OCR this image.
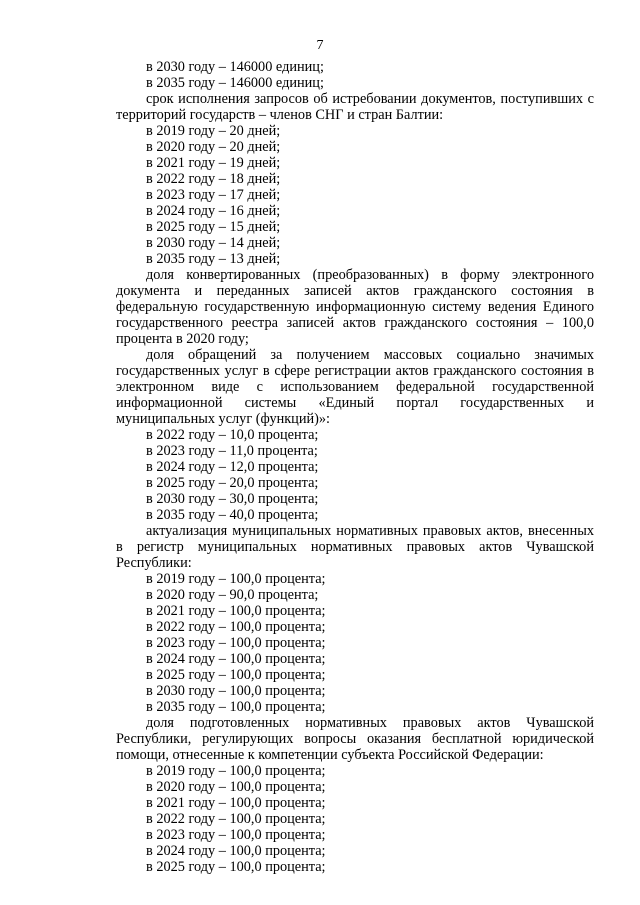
7
в 2030 году – 146000 единиц;
в 2035 году – 146000 единиц;
срок исполнения запросов об истребовании документов, поступивших с территорий государств – членов СНГ и стран Балтии:
в 2019 году – 20 дней;
в 2020 году – 20 дней;
в 2021 году – 19 дней;
в 2022 году – 18 дней;
в 2023 году – 17 дней;
в 2024 году – 16 дней;
в 2025 году – 15 дней;
в 2030 году – 14 дней;
в 2035 году – 13 дней;
доля конвертированных (преобразованных) в форму электронного документа и переданных записей актов гражданского состояния в федеральную государственную информационную систему ведения Единого государственного реестра записей актов гражданского состояния – 100,0 процента в 2020 году;
доля обращений за получением массовых социально значимых государственных услуг в сфере регистрации актов гражданского состояния в электронном виде с использованием федеральной государственной информационной системы «Единый портал государственных и муниципальных услуг (функций)»:
в 2022 году – 10,0 процента;
в 2023 году – 11,0 процента;
в 2024 году – 12,0 процента;
в 2025 году – 20,0 процента;
в 2030 году – 30,0 процента;
в 2035 году – 40,0 процента;
актуализация муниципальных нормативных правовых актов, внесенных в регистр муниципальных нормативных правовых актов Чувашской Республики:
в 2019 году – 100,0 процента;
в 2020 году – 90,0 процента;
в 2021 году – 100,0 процента;
в 2022 году – 100,0 процента;
в 2023 году – 100,0 процента;
в 2024 году – 100,0 процента;
в 2025 году – 100,0 процента;
в 2030 году – 100,0 процента;
в 2035 году – 100,0 процента;
доля подготовленных нормативных правовых актов Чувашской Республики, регулирующих вопросы оказания бесплатной юридической помощи, отнесенные к компетенции субъекта Российской Федерации:
в 2019 году – 100,0 процента;
в 2020 году – 100,0 процента;
в 2021 году – 100,0 процента;
в 2022 году – 100,0 процента;
в 2023 году – 100,0 процента;
в 2024 году – 100,0 процента;
в 2025 году – 100,0 процента;
